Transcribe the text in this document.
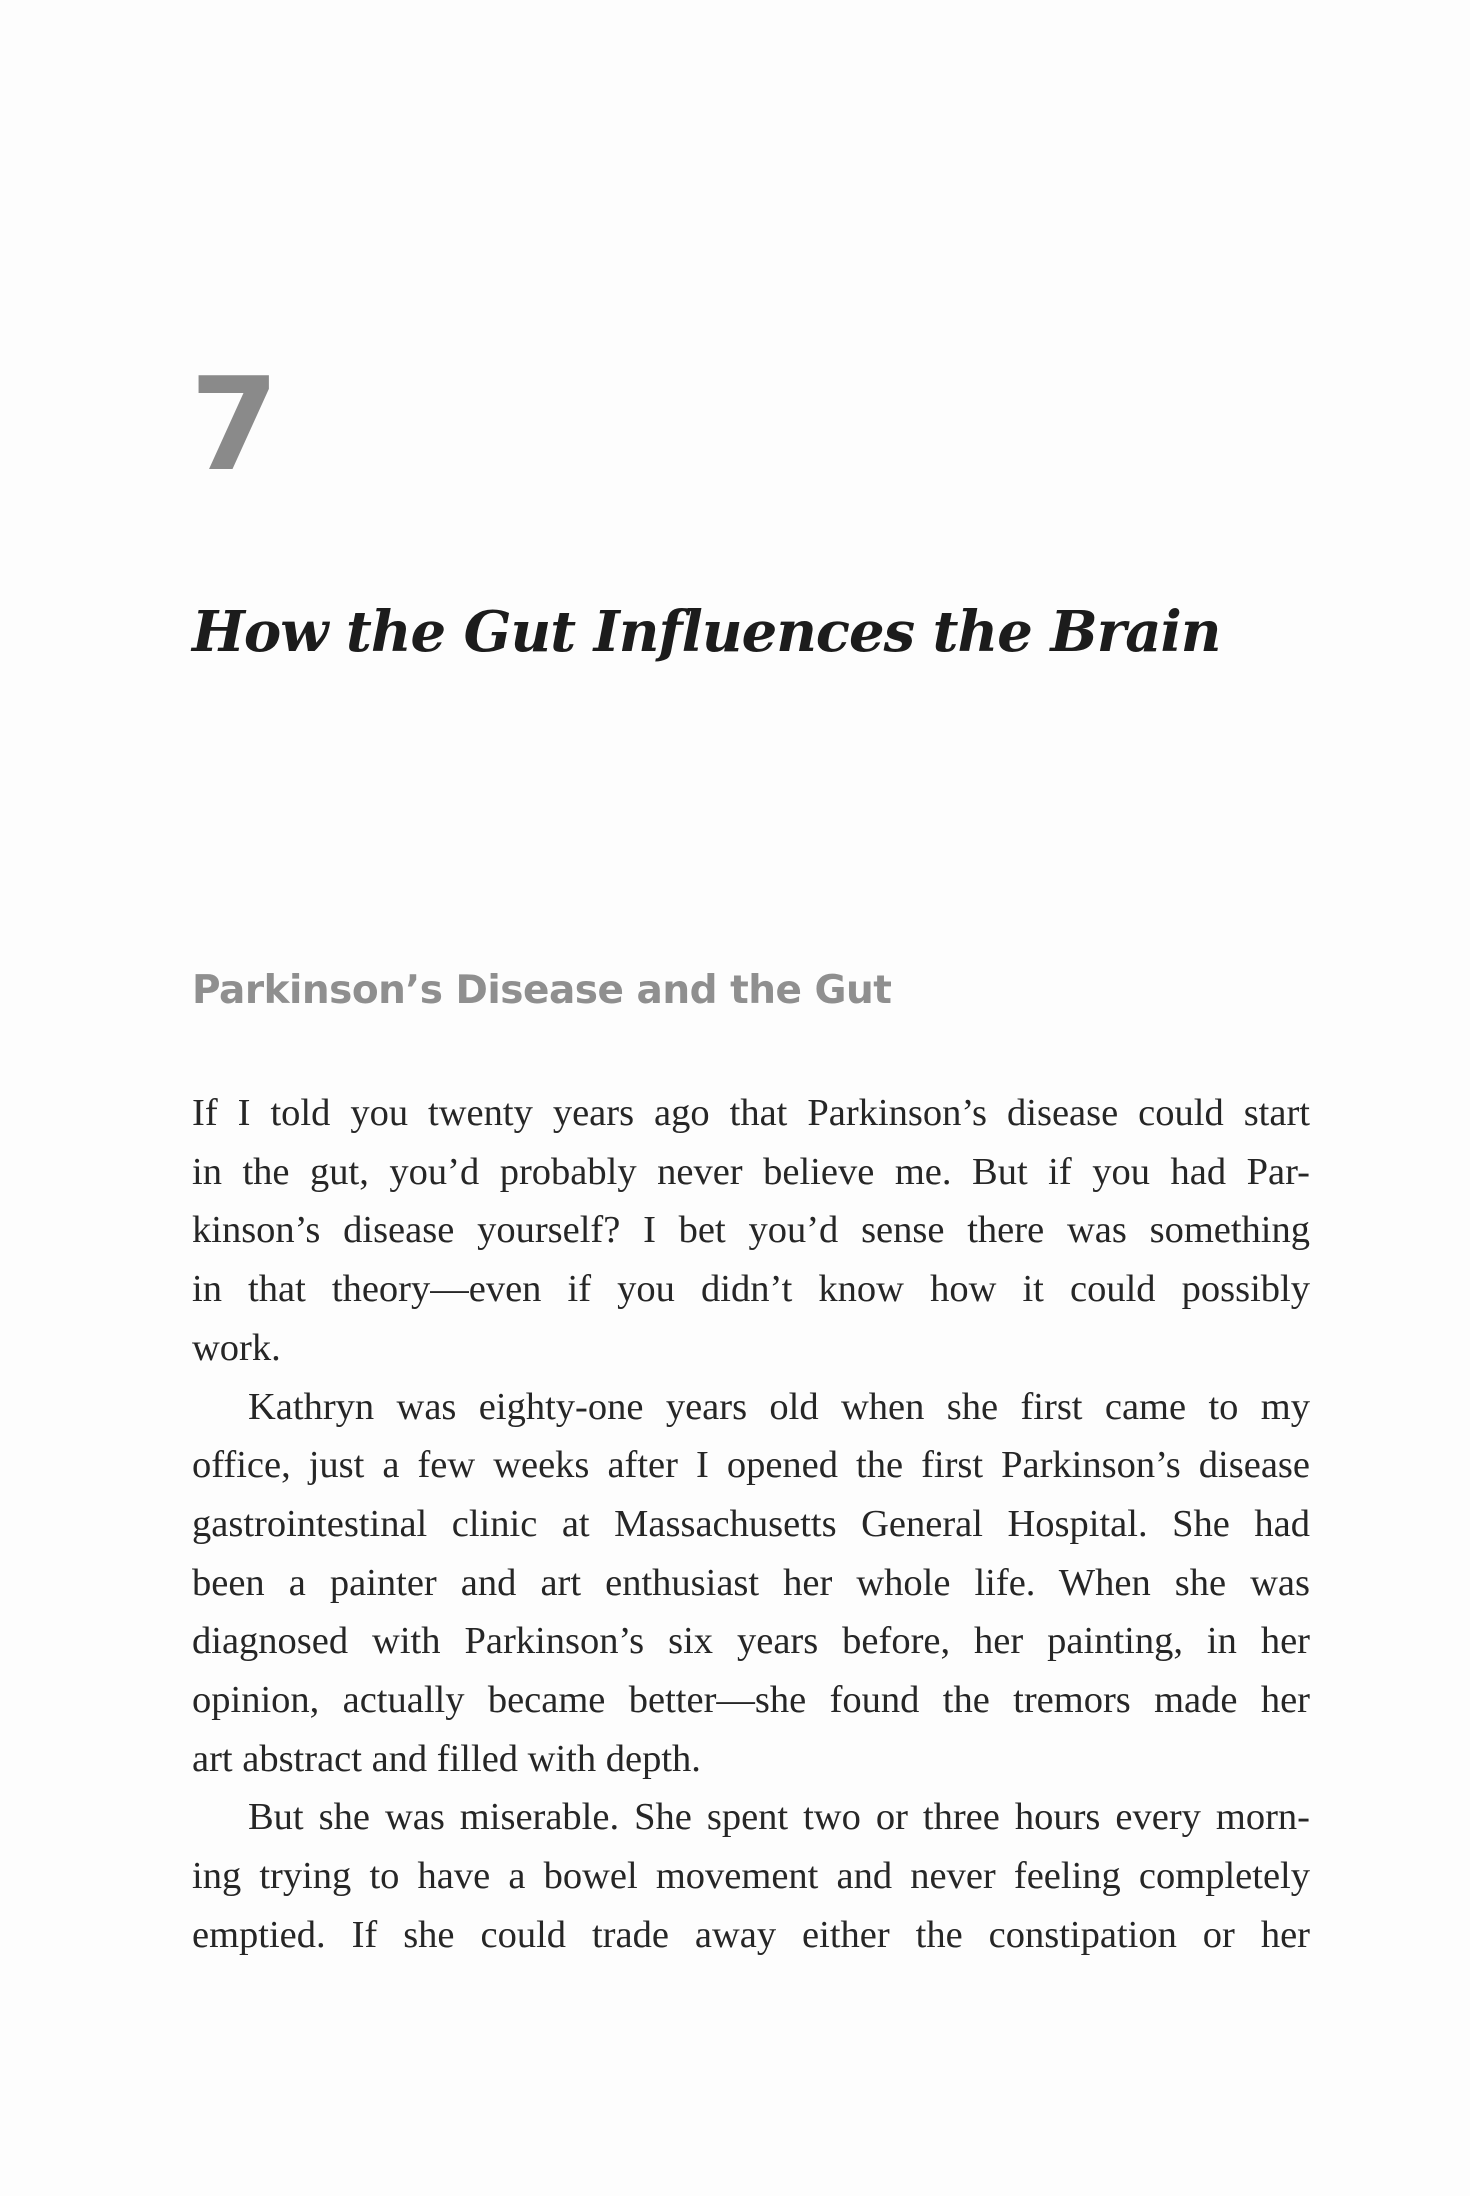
7
How the Gut Influences the Brain
Parkinson’s Disease and the Gut
If I told you twenty years ago that Parkinson’s disease could start
in the gut, you’d probably never believe me. But if you had Par-
kinson’s disease yourself? I bet you’d sense there was something
in that theory—even if you didn’t know how it could possibly
work.
Kathryn was eighty-one years old when she first came to my
office, just a few weeks after I opened the first Parkinson’s disease
gastrointestinal clinic at Massachusetts General Hospital. She had
been a painter and art enthusiast her whole life. When she was
diagnosed with Parkinson’s six years before, her painting, in her
opinion, actually became better—she found the tremors made her
art abstract and filled with depth.
But she was miserable. She spent two or three hours every morn-
ing trying to have a bowel movement and never feeling completely
emptied. If she could trade away either the constipation or her
